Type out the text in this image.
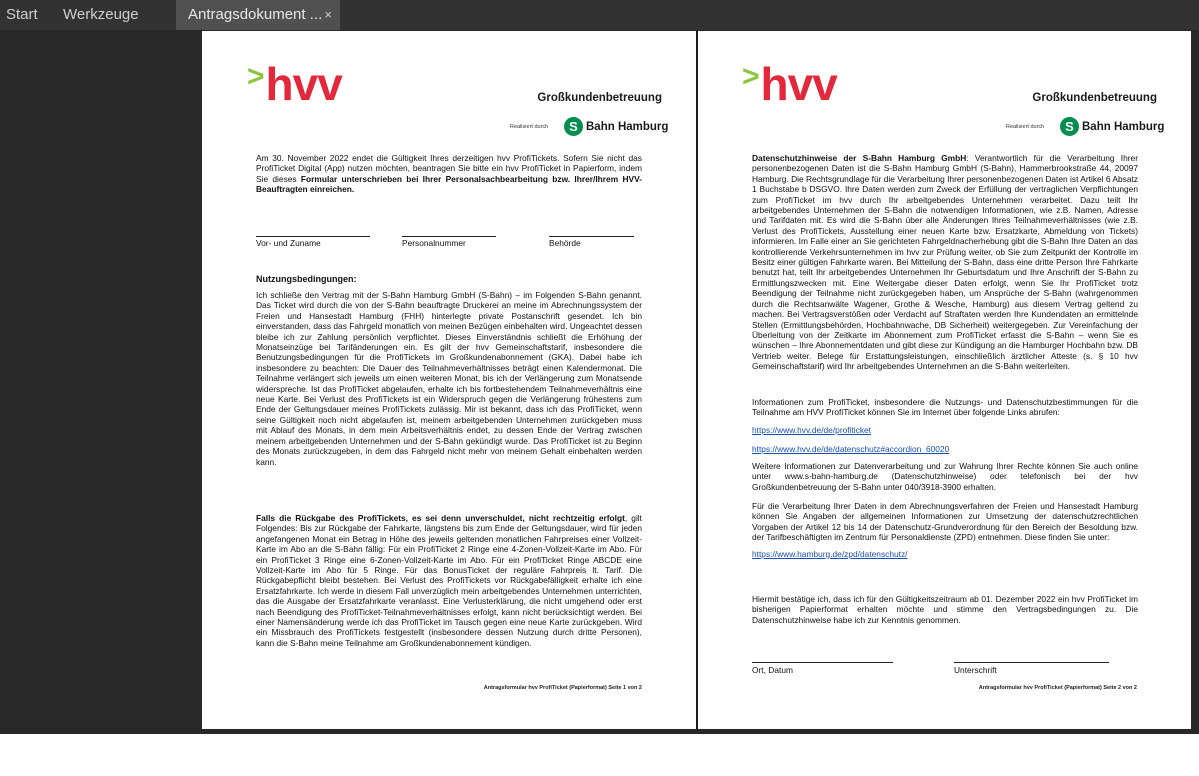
Start Werkzeuge	Antragsdokument ... ×
>hvv	Großkundenbetreuung
Realisiert durch	S Bahn Hamburg

Am 30. November 2022 endet die Gültigkeit Ihres derzeitigen hvv ProfiTickets. Sofern Sie nicht das ProfiTicket Digital (App) nutzen möchten, beantragen Sie bitte ein hvv ProfiTicket in Papierform, indem Sie dieses Formular unterschrieben bei Ihrer Personalsachbearbeitung bzw. Ihrer/Ihrem HVV-Beauftragten einreichen.

Vor- und Zuname	Personalnummer	Behörde
Nutzungsbedingungen:

Ich schließe den Vertrag mit der S-Bahn Hamburg GmbH (S-Bahn) – im Folgenden S-Bahn genannt. Das Ticket wird durch die von der S-Bahn beauftragte Druckerei an meine im Abrechnungssystem der Freien und Hansestadt Hamburg (FHH) hinterlegte private Postanschrift gesendet. Ich bin einverstanden, dass das Fahrgeld monatlich von meinen Bezügen einbehalten wird. Ungeachtet dessen bleibe ich zur Zahlung persönlich verpflichtet. Dieses Einverständnis schließt die Erhöhung der Monatseinzüge bei Tarifänderungen ein. Es gilt der hvv Gemeinschaftstarif, insbesondere die Benutzungsbedingungen für die ProfiTickets im Großkundenabonnement (GKA). Dabei habe ich insbesondere zu beachten: Die Dauer des Teilnahmeverhältnisses beträgt einen Kalendermonat. Die Teilnahme verlängert sich jeweils um einen weiteren Monat, bis ich der Verlängerung zum Monatsende widerspreche. Ist das ProfiTicket abgelaufen, erhalte ich bis fortbestehendem Teilnahmeverhältnis eine neue Karte. Bei Verlust des ProfiTickets ist ein Widerspruch gegen die Verlängerung frühestens zum Ende der Geltungsdauer meines ProfiTickets zulässig. Mir ist bekannt, dass ich das ProfiTicket, wenn seine Gültigkeit noch nicht abgelaufen ist, meinem arbeitgebenden Unternehmen zurückgeben muss mit Ablauf des Monats, in dem mein Arbeitsverhältnis endet, zu dessen Ende der Vertrag zwischen meinem arbeitgebenden Unternehmen und der S-Bahn gekündigt wurde. Das ProfiTicket ist zu Beginn des Monats zurückzugeben, in dem das Fahrgeld nicht mehr von meinem Gehalt einbehalten werden kann.

Falls die Rückgabe des ProfiTickets, es sei denn unverschuldet, nicht rechtzeitig erfolgt, gilt Folgendes: Bis zur Rückgabe der Fahrkarte, längstens bis zum Ende der Geltungsdauer, wird für jeden angefangenen Monat ein Betrag in Höhe des jeweils geltenden monatlichen Fahrpreises einer Vollzeit-Karte im Abo an die S-Bahn fällig: Für ein ProfiTicket 2 Ringe eine 4-Zonen-Vollzeit-Karte im Abo. Für ein ProfiTicket 3 Ringe eine 6-Zonen-Vollzeit-Karte im Abo. Für ein ProfiTicket Ringe ABCDE eine Vollzeit-Karte im Abo für 5 Ringe. Für das BonusTicket der reguläre Fahrpreis lt. Tarif. Die Rückgabepflicht bleibt bestehen. Bei Verlust des ProfiTickets vor Rückgabefälligkeit erhalte ich eine Ersatzfahrkarte. Ich werde in diesem Fall unverzüglich mein arbeitgebendes Unternehmen unterrichten, das die Ausgabe der Ersatzfahrkarte veranlasst. Eine Verlusterklärung, die nicht umgehend oder erst nach Beendigung des ProfiTicket-Teilnahmeverhältnisses erfolgt, kann nicht berücksichtigt werden. Bei einer Namensänderung werde ich das ProfiTicket im Tausch gegen eine neue Karte zurückgeben. Wird ein Missbrauch des ProfiTickets festgestellt (insbesondere dessen Nutzung durch dritte Personen), kann die S-Bahn meine Teilnahme am Großkundenabonnement kündigen.

Antragsformular hvv ProfiTicket (Papierformat) Seite 1 von 2
>hvv	Großkundenbetreuung
Realisiert durch	S Bahn Hamburg

Datenschutzhinweise der S-Bahn Hamburg GmbH: Verantwortlich für die Verarbeitung Ihrer personenbezogenen Daten ist die S-Bahn Hamburg GmbH (S-Bahn), Hammerbrookstraße 44, 20097 Hamburg. Die Rechtsgrundlage für die Verarbeitung Ihrer personenbezogenen Daten ist Artikel 6 Absatz 1 Buchstabe b DSGVO. Ihre Daten werden zum Zweck der Erfüllung der vertraglichen Verpflichtungen zum ProfiTicket im hvv durch Ihr arbeitgebendes Unternehmen verarbeitet. Dazu teilt Ihr arbeitgebendes Unternehmen der S-Bahn die notwendigen Informationen, wie z.B. Namen, Adresse und Tarifdaten mit. Es wird die S-Bahn über alle Änderungen Ihres Teilnahmeverhältnisses (wie z.B. Verlust des ProfiTickets, Ausstellung einer neuen Karte bzw. Ersatzkarte, Abmeldung von Tickets) informieren. Im Falle einer an Sie gerichteten Fahrgeldnacherhebung gibt die S-Bahn Ihre Daten an das kontrollierende Verkehrsunternehmen im hvv zur Prüfung weiter, ob Sie zum Zeitpunkt der Kontrolle im Besitz einer gültigen Fahrkarte waren. Bei Mitteilung der S-Bahn, dass eine dritte Person Ihre Fahrkarte benutzt hat, teilt Ihr arbeitgebendes Unternehmen Ihr Geburtsdatum und Ihre Anschrift der S-Bahn zu Ermittlungszwecken mit. Eine Weitergabe dieser Daten erfolgt, wenn Sie Ihr ProfiTicket trotz Beendigung der Teilnahme nicht zurückgegeben haben, um Ansprüche der S-Bahn (wahrgenommen durch die Rechtsanwälte Wagener, Grothe & Wesche, Hamburg) aus diesem Vertrag geltend zu machen. Bei Vertragsverstößen oder Verdacht auf Straftaten werden Ihre Kundendaten an ermittelnde Stellen (Ermittlungsbehörden, Hochbahnwache, DB Sicherheit) weitergegeben. Zur Vereinfachung der Überleitung von der Zeitkarte im Abonnement zum ProfiTicket erfasst die S-Bahn – wenn Sie es wünschen – Ihre Abonnementdaten und gibt diese zur Kündigung an die Hamburger Hochbahn bzw. DB Vertrieb weiter. Belege für Erstattungsleistungen, einschließlich ärztlicher Atteste (s. § 10 hvv Gemeinschaftstarif) wird Ihr arbeitgebendes Unternehmen an die S-Bahn weiterleiten.

Informationen zum ProfiTicket, insbesondere die Nutzungs- und Datenschutzbestimmungen für die Teilnahme am HVV ProfiTicket können Sie im Internet über folgende Links abrufen:

https://www.hvv.de/de/profiticket
https://www.hvv.de/de/datenschutz#accordion_60020

Weitere Informationen zur Datenverarbeitung und zur Wahrung Ihrer Rechte können Sie auch online unter www.s-bahn-hamburg.de (Datenschutzhinweise) oder telefonisch bei der hvv Großkundenbetreuung der S-Bahn unter 040/3918-3900 erhalten.

Für die Verarbeitung Ihrer Daten in dem Abrechnungsverfahren der Freien und Hansestadt Hamburg können Sie Angaben der allgemeinen Informationen zur Umsetzung der datenschutzrechtlichen Vorgaben der Artikel 12 bis 14 der Datenschutz-Grundverordnung für den Bereich der Besoldung bzw. der Tarifbeschäftigten im Zentrum für Personaldienste (ZPD) entnehmen. Diese finden Sie unter:

https://www.hamburg.de/zpd/datenschutz/

Hiermit bestätige ich, dass ich für den Gültigkeitszeitraum ab 01. Dezember 2022 ein hvv ProfiTicket im bisherigen Papierformat erhalten möchte und stimme den Vertragsbedingungen zu. Die Datenschutzhinweise habe ich zur Kenntnis genommen.

Ort, Datum	Unterschrift
Antragsformular hvv ProfiTicket (Papierformat) Seite 2 von 2
